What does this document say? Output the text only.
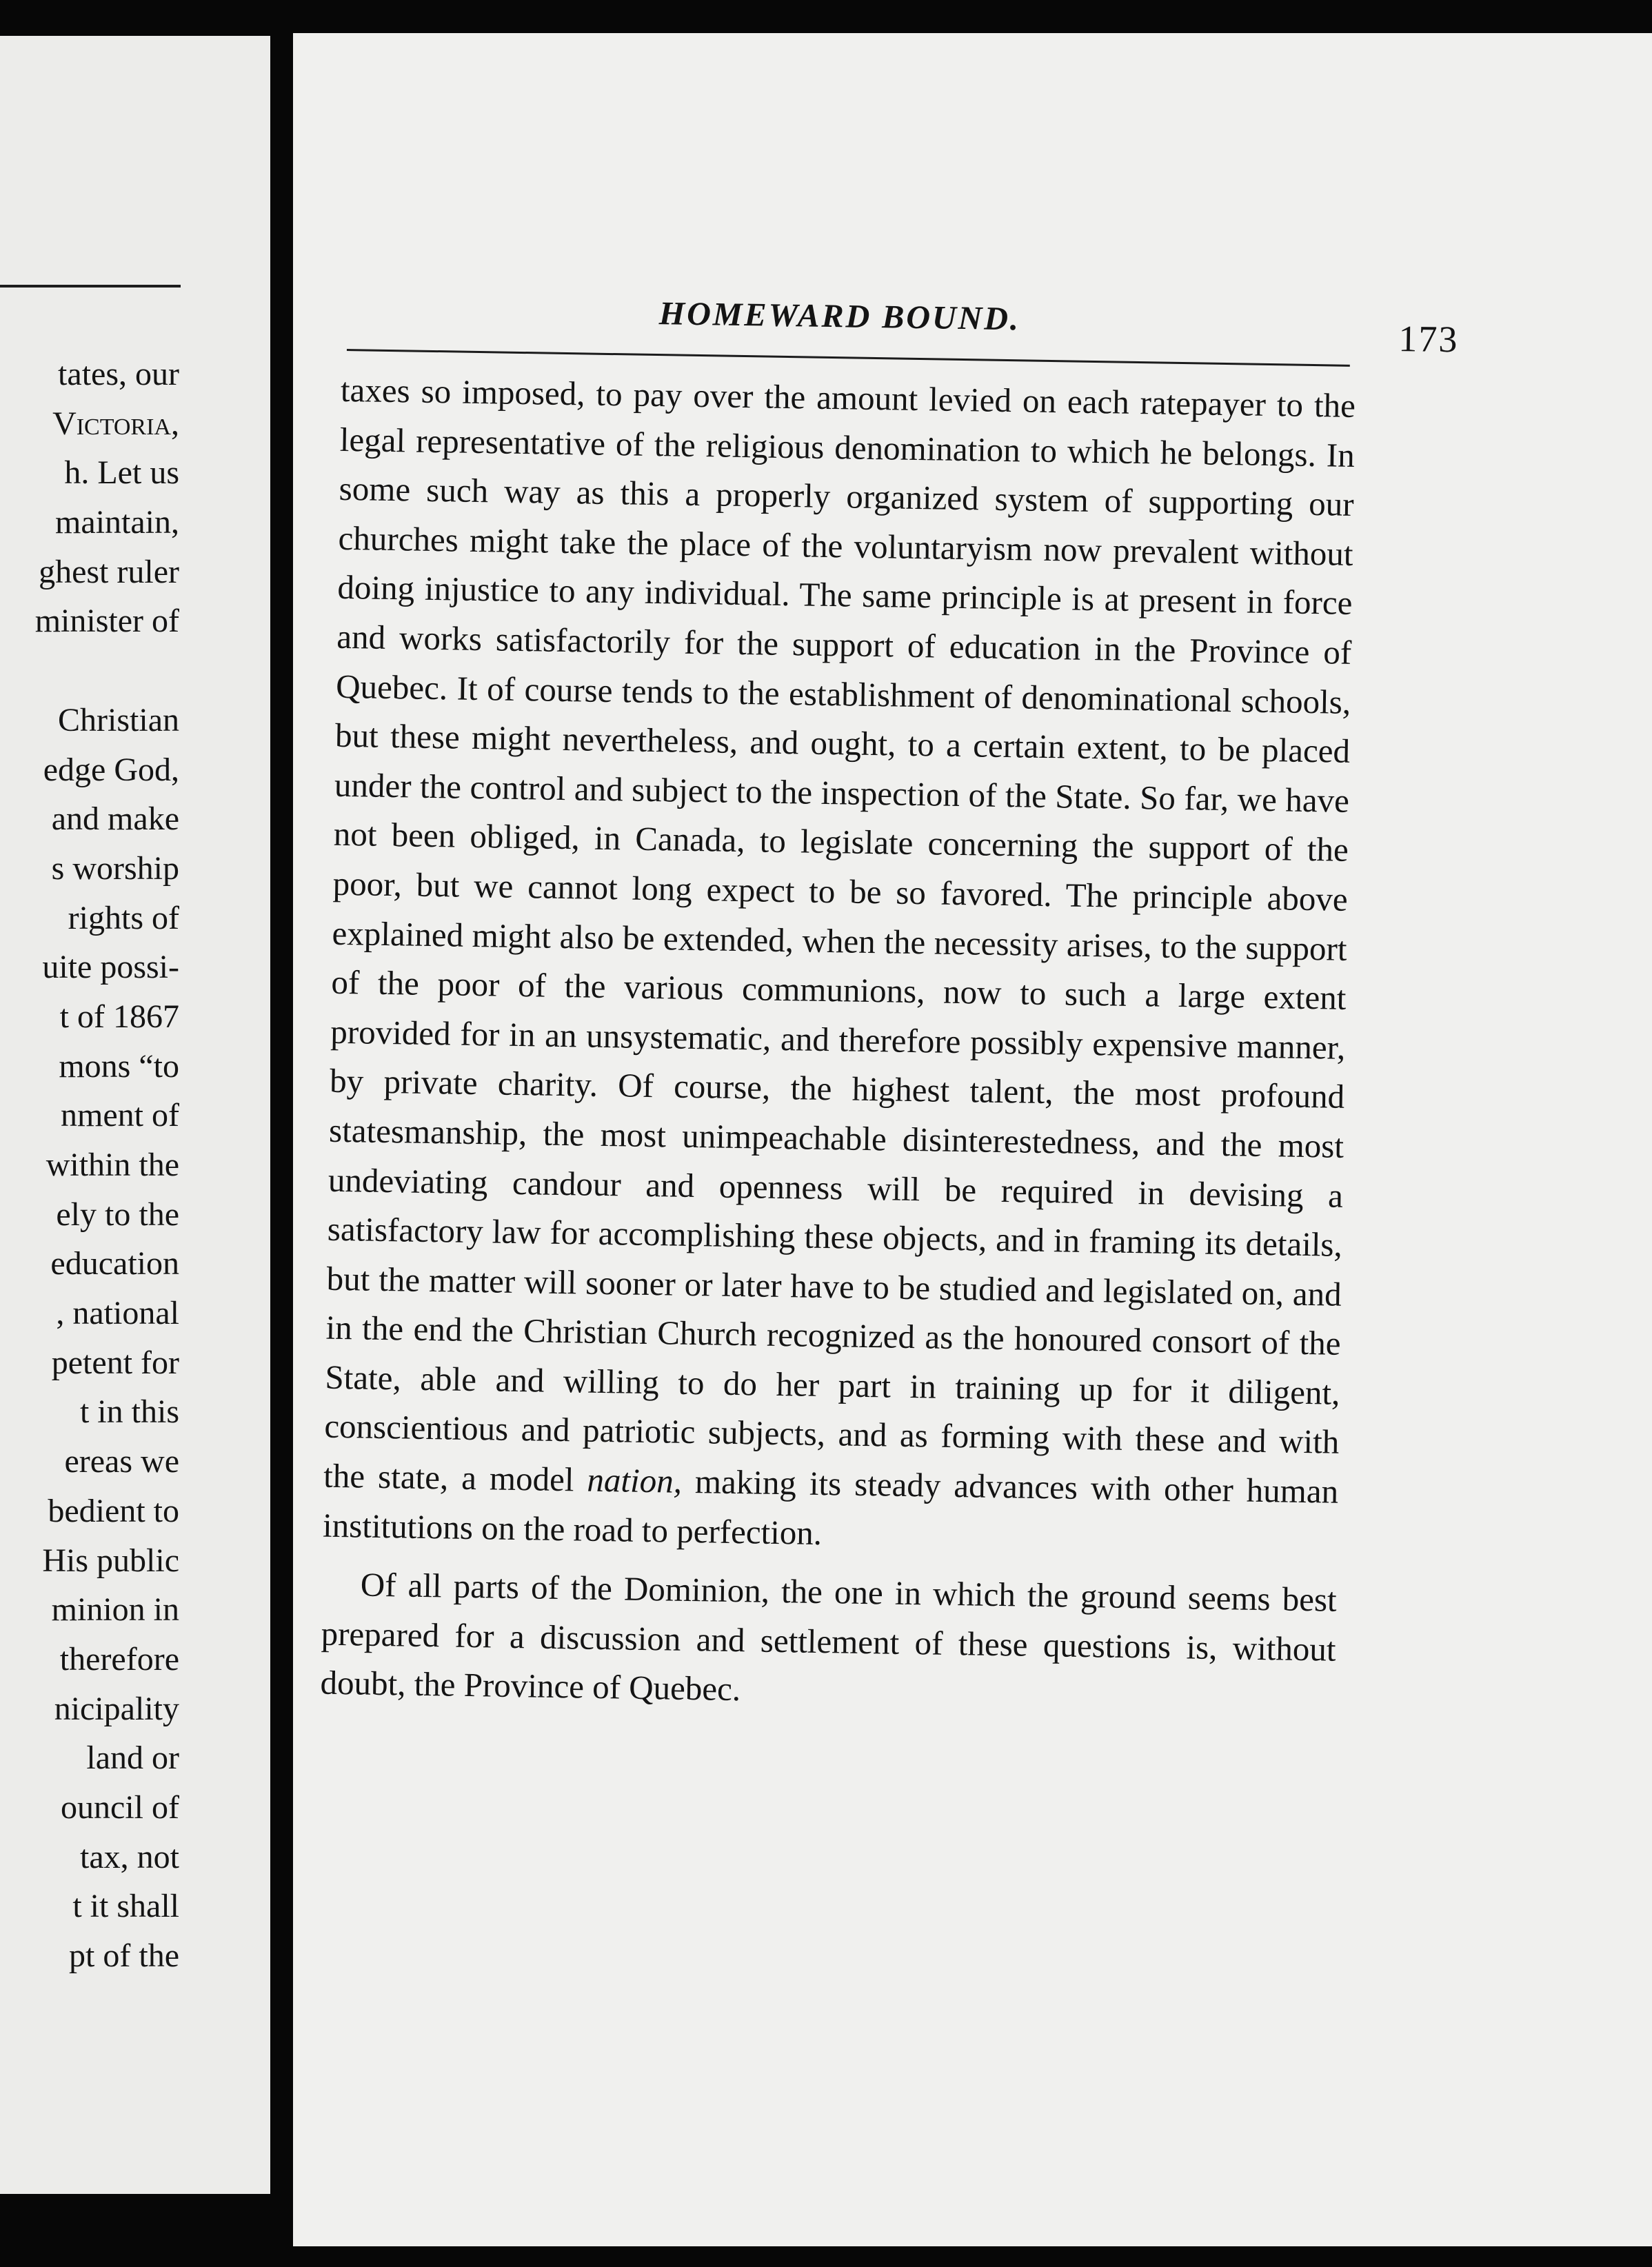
tates, our
Victoria,
h. Let us
maintain,
ghest ruler
minister of
Christian
edge God,
and make
s worship
rights of
uite possi-
t of 1867
mons “to
nment of
within the
ely to the
education
, national
petent for
t in this
ereas we
bedient to
His public
minion in
therefore
nicipality
land or
ouncil of
tax, not
t it shall
pt of the
HOMEWARD BOUND.
173

taxes so imposed, to pay over the amount levied on each ratepayer to the legal representative of the religious denomination to which he belongs. In some such way as this a properly organized system of supporting our churches might take the place of the voluntaryism now prevalent without doing injustice to any individual. The same principle is at present in force and works satisfactorily for the support of education in the Province of Quebec. It of course tends to the establishment of denominational schools, but these might nevertheless, and ought, to a certain extent, to be placed under the control and subject to the inspection of the State. So far, we have not been obliged, in Canada, to legislate concerning the support of the poor, but we cannot long expect to be so favored. The principle above explained might also be extended, when the necessity arises, to the support of the poor of the various communions, now to such a large extent provided for in an unsystematic, and therefore possibly expensive manner, by private charity. Of course, the highest talent, the most profound statesmanship, the most unimpeachable disinterestedness, and the most undeviating candour and openness will be required in devising a satisfactory law for accomplishing these objects, and in framing its details, but the matter will sooner or later have to be studied and legislated on, and in the end the Christian Church recognized as the honoured consort of the State, able and willing to do her part in training up for it diligent, conscientious and patriotic subjects, and as forming with these and with the state, a model nation, making its steady advances with other human institutions on the road to perfection.

Of all parts of the Dominion, the one in which the ground seems best prepared for a discussion and settlement of these questions is, without doubt, the Province of Quebec.
